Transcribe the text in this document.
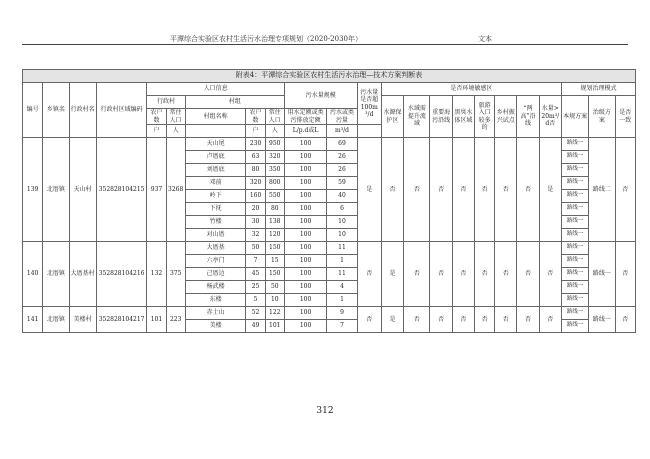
平潭综合实验区农村生活污水治理专项规划（2020-2030年）	文本
附表4：平潭综合实验区农村生活污水治理—技术方案判断表																						
编号	乡镇名	行政村名	行政村区域编码	人口信息					污水量规模		污水量是否超100m³/d	是否环境敏感区								规划治理模式		
				行政村		村组						水源保护区	水域需提升流域	重要海污沿线	黑臭水体区域	旅游入口较多的	乡村振兴试点	“两高”沿线	水量>20m³/d否	本规方案	治级方案	是否一致
				农户数	常住人口	村组名称	农户数	常住人口	用水定额或类污排放定额	污水或类污量												
				户	人		户	人	L/p.d或L	m³/d												
139	北厝镇	天山村	352828104215	937	3268	天山尾	230	950	100	69	是	否	否	否	否	否	否	否	是	路线一	路线二	否
						卢厝底	63	320	100	26										路线一		
						刘厝底	80	350	100	26										路线一		
						邓前	320	800	100	59										路线一		
						岭下	160	550	100	40										路线一		
						下抚	20	80	100	6										路线一		
						竹楼	30	138	100	10										路线一		
						对山厝	32	120	100	10										路线一		
140	北厝镇	大厝基村	352828104216	132	375	大厝基	50	150	100	11	否	是	否	否	否	否	否	否	否	路线一	路线一	否
						六亭门	7	15	100	1										路线一		
						己厝边	45	150	100	11										路线一		
						杨武楼	25	50	100	4										路线一		
						东楼	5	10	100	1										路线一		
141	北厝镇	美楼村	352828104217	101	223	赤土山	52	122	100	9	否	是	否	否	否	否	否	否	否	路线一	路线一	否
						美楼	49	101	100	7										路线一		
312
